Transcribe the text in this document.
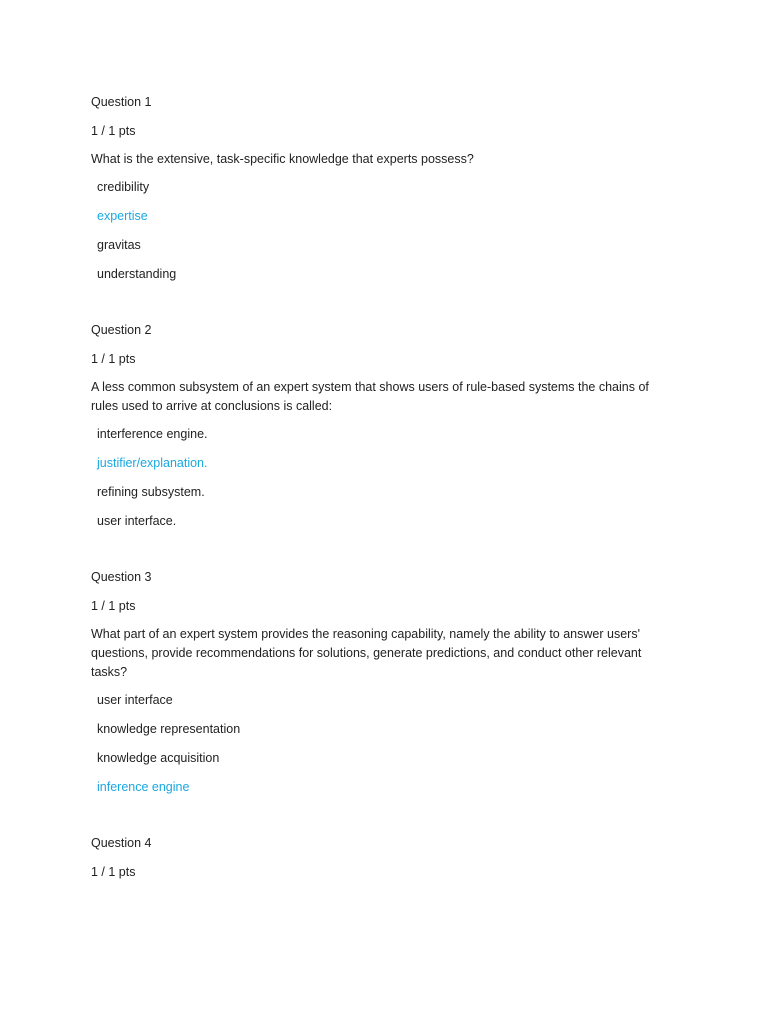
Question 1

1 / 1 pts

What is the extensive, task-specific knowledge that experts possess?

credibility
expertise
gravitas
understanding

Question 2

1 / 1 pts

A less common subsystem of an expert system that shows users of rule-based systems the chains of rules used to arrive at conclusions is called:

interference engine.
justifier/explanation.
refining subsystem.
user interface.

Question 3

1 / 1 pts

What part of an expert system provides the reasoning capability, namely the ability to answer users' questions, provide recommendations for solutions, generate predictions, and conduct other relevant tasks?

user interface
knowledge representation
knowledge acquisition
inference engine

Question 4

1 / 1 pts
